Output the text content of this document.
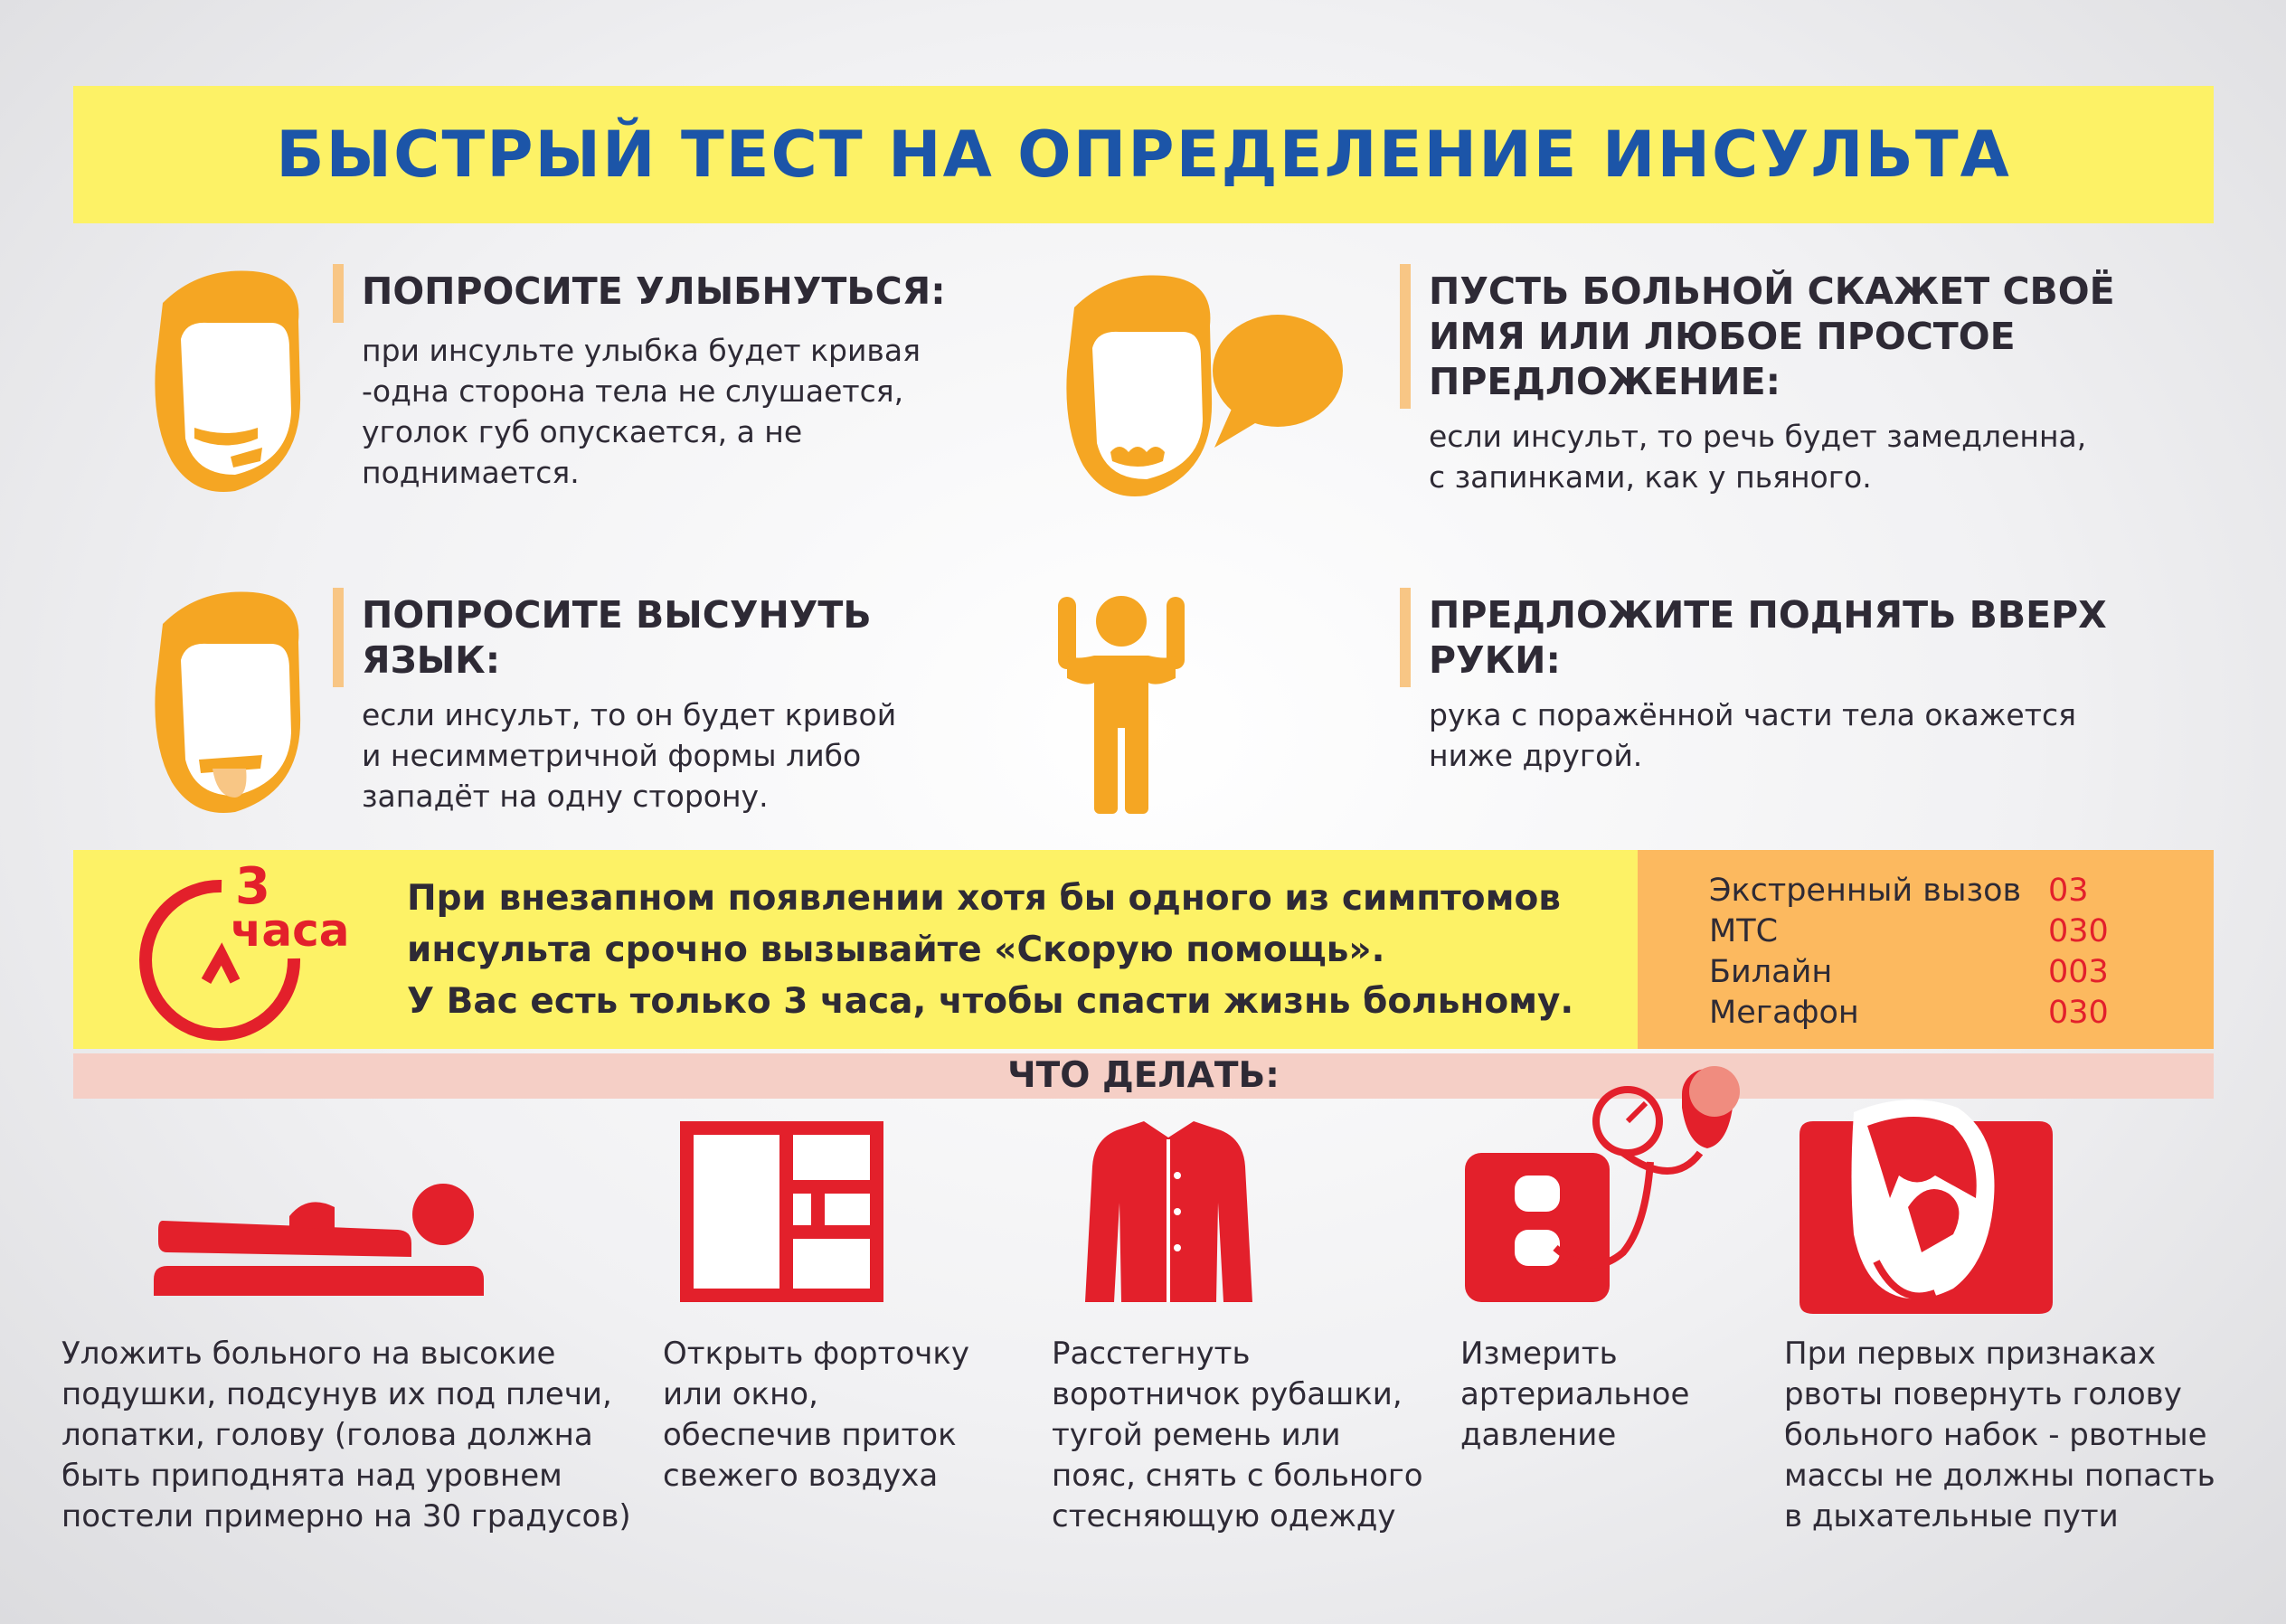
БЫСТРЫЙ ТЕСТ НА ОПРЕДЕЛЕНИЕ ИНСУЛЬТА
ПОПРОСИТЕ УЛЫБНУТЬСЯ:
при инсульте улыбка будет кривая
-одна сторона тела не слушается,
уголок губ опускается, а не
поднимается.
ПУСТЬ БОЛЬНОЙ СКАЖЕТ СВОЁ
ИМЯ ИЛИ ЛЮБОЕ ПРОСТОЕ
ПРЕДЛОЖЕНИЕ:
если инсульт, то речь будет замедленна,
с запинками, как у пьяного.
ПОПРОСИТЕ ВЫСУНУТЬ
ЯЗЫК:
если инсульт, то он будет кривой
и несимметричной формы либо
западёт на одну сторону.
ПРЕДЛОЖИТЕ ПОДНЯТЬ ВВЕРХ
РУКИ:
рука с поражённой части тела окажется
ниже другой.
3
часа
При внезапном появлении хотя бы одного из симптомов
инсульта срочно вызывайте «Скорую помощь».
У Вас есть только 3 часа, чтобы спасти жизнь больному.
Экстренный вызов 03
МТС	030
Билайн	003
Мегафон	030
ЧТО ДЕЛАТЬ:
Уложить больного на высокие
подушки, подсунув их под плечи,
лопатки, голову (голова должна
быть приподнята над уровнем
постели примерно на 30 градусов)
Открыть форточку
или окно,
обеспечив приток
свежего воздуха
Расстегнуть
воротничок рубашки,
тугой ремень или
пояс, снять с больного
стесняющую одежду
Измерить
артериальное
давление
При первых признаках
рвоты повернуть голову
больного набок - рвотные
массы не должны попасть
в дыхательные пути
